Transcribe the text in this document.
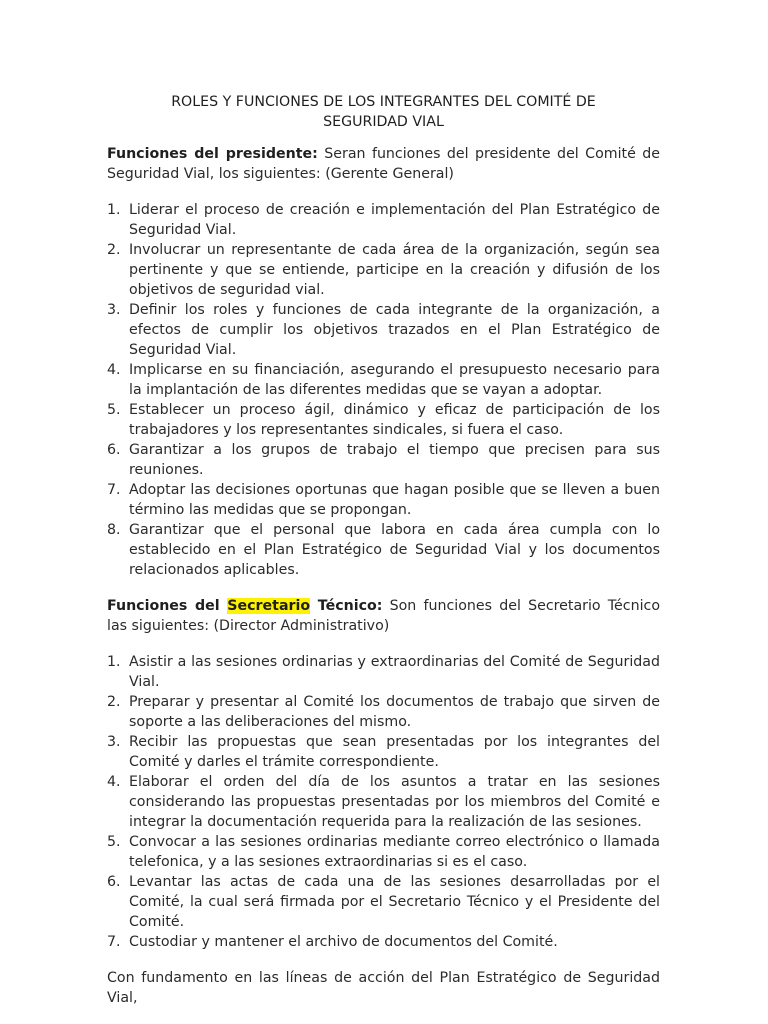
ROLES Y FUNCIONES DE LOS INTEGRANTES DEL COMITÉ DE
SEGURIDAD VIAL

Funciones del presidente: Seran funciones del presidente del Comité de Seguridad Vial, los siguientes: (Gerente General)

1. Liderar el proceso de creación e implementación del Plan Estratégico de Seguridad Vial.
2. Involucrar un representante de cada área de la organización, según sea pertinente y que se entiende, participe en la creación y difusión de los objetivos de seguridad vial.
3. Definir los roles y funciones de cada integrante de la organización, a efectos de cumplir los objetivos trazados en el Plan Estratégico de Seguridad Vial.
4. Implicarse en su financiación, asegurando el presupuesto necesario para la implantación de las diferentes medidas que se vayan a adoptar.
5. Establecer un proceso ágil, dinámico y eficaz de participación de los trabajadores y los representantes sindicales, si fuera el caso.
6. Garantizar a los grupos de trabajo el tiempo que precisen para sus reuniones.
7. Adoptar las decisiones oportunas que hagan posible que se lleven a buen término las medidas que se propongan.
8. Garantizar que el personal que labora en cada área cumpla con lo establecido en el Plan Estratégico de Seguridad Vial y los documentos relacionados aplicables.

Funciones del Secretario Técnico: Son funciones del Secretario Técnico las siguientes: (Director Administrativo)

1. Asistir a las sesiones ordinarias y extraordinarias del Comité de Seguridad Vial.
2. Preparar y presentar al Comité los documentos de trabajo que sirven de soporte a las deliberaciones del mismo.
3. Recibir las propuestas que sean presentadas por los integrantes del Comité y darles el trámite correspondiente.
4. Elaborar el orden del día de los asuntos a tratar en las sesiones considerando las propuestas presentadas por los miembros del Comité e integrar la documentación requerida para la realización de las sesiones.
5. Convocar a las sesiones ordinarias mediante correo electrónico o llamada telefonica, y a las sesiones extraordinarias si es el caso.
6. Levantar las actas de cada una de las sesiones desarrolladas por el Comité, la cual será firmada por el Secretario Técnico y el Presidente del Comité.
7. Custodiar y mantener el archivo de documentos del Comité.

Con fundamento en las líneas de acción del Plan Estratégico de Seguridad Vial,
